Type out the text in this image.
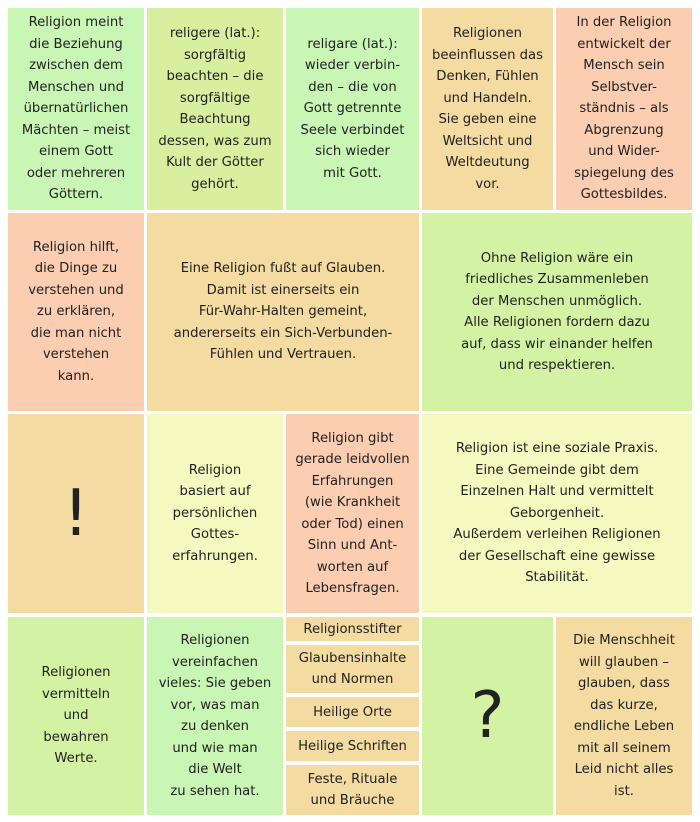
Religion meint
die Beziehung
zwischen dem
Menschen und
übernatürlichen
Mächten – meist
einem Gott
oder mehreren
Göttern.
religere (lat.):
sorgfältig
beachten – die
sorgfältige
Beachtung
dessen, was zum
Kult der Götter
gehört.
religare (lat.):
wieder verbin-
den – die von
Gott getrennte
Seele verbindet
sich wieder
mit Gott.
Religionen
beeinflussen das
Denken, Fühlen
und Handeln.
Sie geben eine
Weltsicht und
Weltdeutung
vor.
In der Religion
entwickelt der
Mensch sein
Selbstver-
ständnis – als
Abgrenzung
und Wider-
spiegelung des
Gottesbildes.
Religion hilft,
die Dinge zu
verstehen und
zu erklären,
die man nicht
verstehen
kann.
Eine Religion fußt auf Glauben.
Damit ist einerseits ein
Für-Wahr-Halten gemeint,
andererseits ein Sich-Verbunden-
Fühlen und Vertrauen.
Ohne Religion wäre ein
friedliches Zusammenleben
der Menschen unmöglich.
Alle Religionen fordern dazu
auf, dass wir einander helfen
und respektieren.
!
Religion
basiert auf
persönlichen
Gottes-
erfahrungen.
Religion gibt
gerade leidvollen
Erfahrungen
(wie Krankheit
oder Tod) einen
Sinn und Ant-
worten auf
Lebensfragen.
Religion ist eine soziale Praxis.
Eine Gemeinde gibt dem
Einzelnen Halt und vermittelt
Geborgenheit.
Außerdem verleihen Religionen
der Gesellschaft eine gewisse
Stabilität.
Religionen
vermitteln
und
bewahren
Werte.
Religionen
vereinfachen
vieles: Sie geben
vor, was man
zu denken
und wie man
die Welt
zu sehen hat.
Religionsstifter
Glaubensinhalte
und Normen
Heilige Orte
Heilige Schriften
Feste, Rituale
und Bräuche
?
Die Menschheit
will glauben –
glauben, dass
das kurze,
endliche Leben
mit all seinem
Leid nicht alles
ist.
